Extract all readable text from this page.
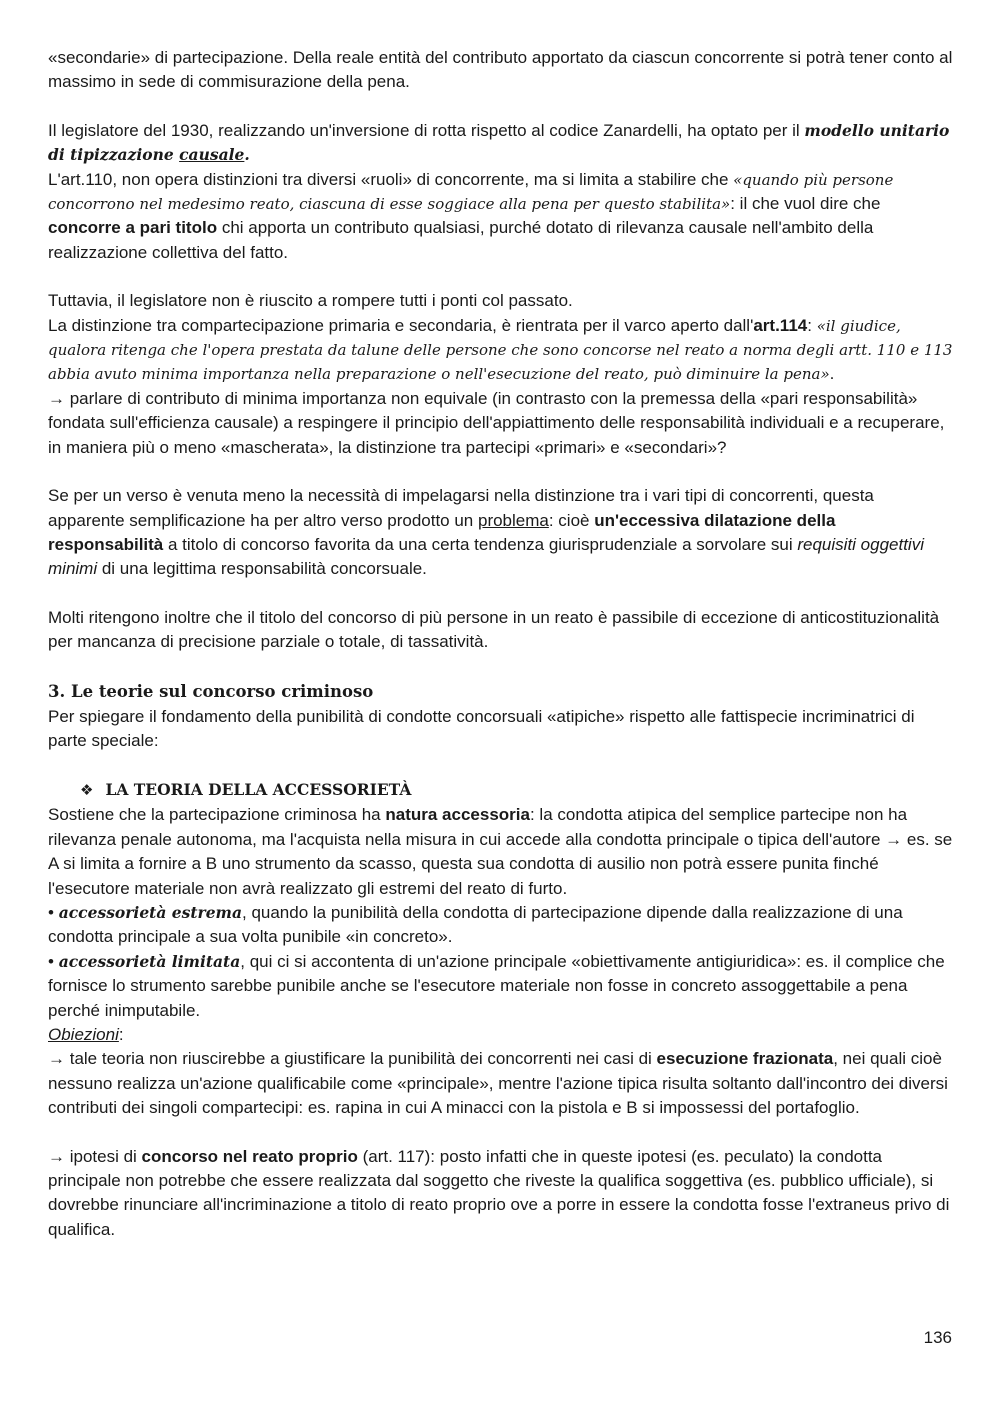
«secondarie» di partecipazione. Della reale entità del contributo apportato da ciascun concorrente si potrà tener conto al massimo in sede di commisurazione della pena.

Il legislatore del 1930, realizzando un'inversione di rotta rispetto al codice Zanardelli, ha optato per il modello unitario di tipizzazione causale.

L'art.110, non opera distinzioni tra diversi «ruoli» di concorrente, ma si limita a stabilire che «quando più persone concorrono nel medesimo reato, ciascuna di esse soggiace alla pena per questo stabilita»: il che vuol dire che concorre a pari titolo chi apporta un contributo qualsiasi, purché dotato di rilevanza causale nell'ambito della realizzazione collettiva del fatto.

Tuttavia, il legislatore non è riuscito a rompere tutti i ponti col passato.

La distinzione tra compartecipazione primaria e secondaria, è rientrata per il varco aperto dall'art.114: «il giudice, qualora ritenga che l'opera prestata da talune delle persone che sono concorse nel reato a norma degli artt. 110 e 113 abbia avuto minima importanza nella preparazione o nell'esecuzione del reato, può diminuire la pena».

→ parlare di contributo di minima importanza non equivale (in contrasto con la premessa della «pari responsabilità» fondata sull'efficienza causale) a respingere il principio dell'appiattimento delle responsabilità individuali e a recuperare, in maniera più o meno «mascherata», la distinzione tra partecipi «primari» e «secondari»?

Se per un verso è venuta meno la necessità di impelagarsi nella distinzione tra i vari tipi di concorrenti, questa apparente semplificazione ha per altro verso prodotto un problema: cioè un'eccessiva dilatazione della responsabilità a titolo di concorso favorita da una certa tendenza giurisprudenziale a sorvolare sui requisiti oggettivi minimi di una legittima responsabilità concorsuale.

Molti ritengono inoltre che il titolo del concorso di più persone in un reato è passibile di eccezione di anticostituzionalità per mancanza di precisione parziale o totale, di tassatività.

3. Le teorie sul concorso criminoso

Per spiegare il fondamento della punibilità di condotte concorsuali «atipiche» rispetto alle fattispecie incriminatrici di parte speciale:

❖ LA TEORIA DELLA ACCESSORIETÀ

Sostiene che la partecipazione criminosa ha natura accessoria: la condotta atipica del semplice partecipe non ha rilevanza penale autonoma, ma l'acquista nella misura in cui accede alla condotta principale o tipica dell'autore → es. se A si limita a fornire a B uno strumento da scasso, questa sua condotta di ausilio non potrà essere punita finché l'esecutore materiale non avrà realizzato gli estremi del reato di furto.

• accessorietà estrema, quando la punibilità della condotta di partecipazione dipende dalla realizzazione di una condotta principale a sua volta punibile «in concreto».

• accessorietà limitata, qui ci si accontenta di un'azione principale «obiettivamente antigiuridica»: es. il complice che fornisce lo strumento sarebbe punibile anche se l'esecutore materiale non fosse in concreto assoggettabile a pena perché inimputabile.

Obiezioni:

→ tale teoria non riuscirebbe a giustificare la punibilità dei concorrenti nei casi di esecuzione frazionata, nei quali cioè nessuno realizza un'azione qualificabile come «principale», mentre l'azione tipica risulta soltanto dall'incontro dei diversi contributi dei singoli compartecipi: es. rapina in cui A minacci con la pistola e B si impossessi del portafoglio.

→ ipotesi di concorso nel reato proprio (art. 117): posto infatti che in queste ipotesi (es. peculato) la condotta principale non potrebbe che essere realizzata dal soggetto che riveste la qualifica soggettiva (es. pubblico ufficiale), si dovrebbe rinunciare all'incriminazione a titolo di reato proprio ove a porre in essere la condotta fosse l'extraneus privo di qualifica.

136
